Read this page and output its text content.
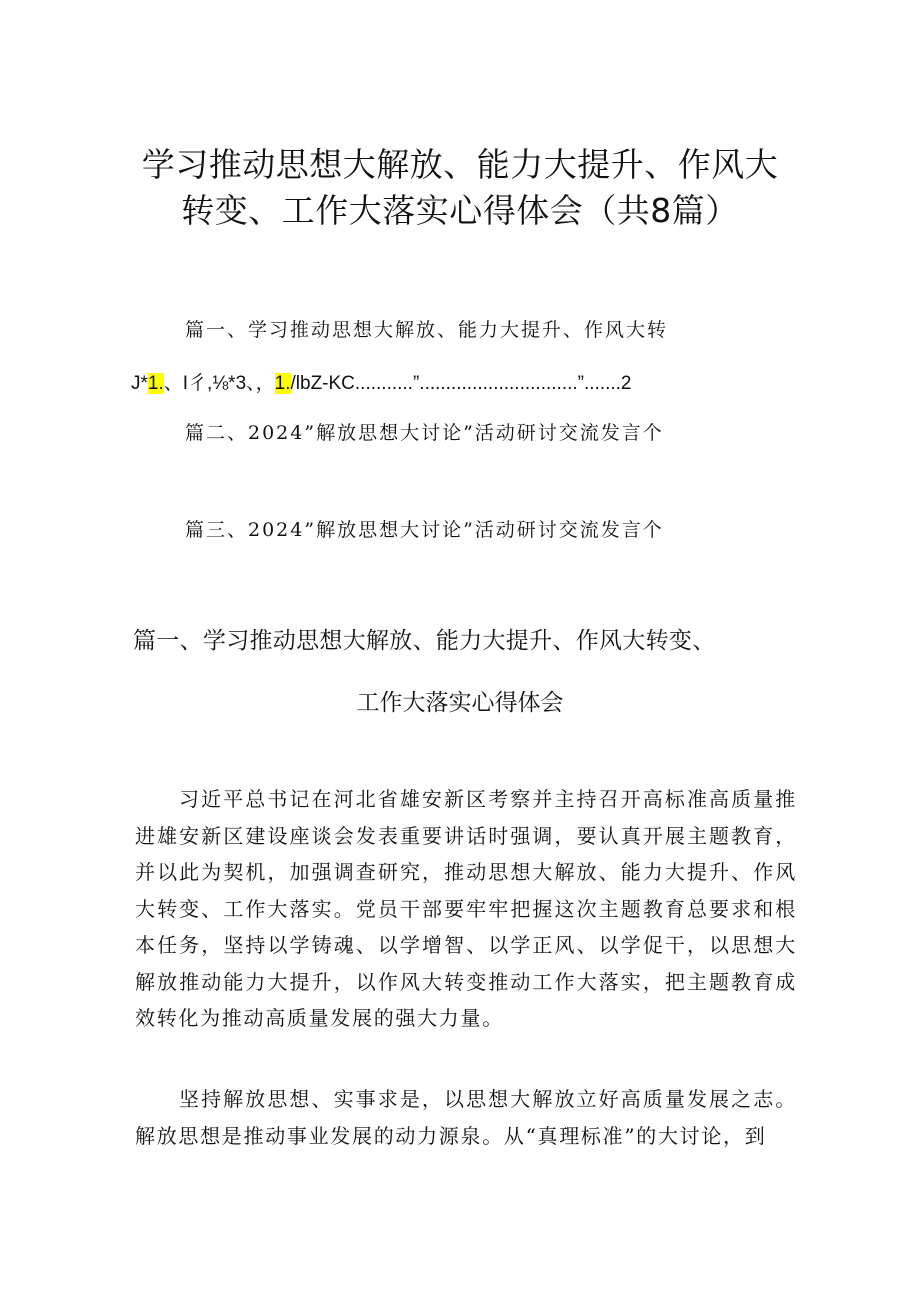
学习推动思想大解放、能力大提升、作风大
转变、工作大落实心得体会（共8篇）
篇一、学习推动思想大解放、能力大提升、作风大转
J*1.、I彳,⅛*3、，1./lbZ-KC...........”..............................”.......2
篇二、2024”解放思想大讨论”活动研讨交流发言个
篇三、2024”解放思想大讨论”活动研讨交流发言个
篇一、学习推动思想大解放、能力大提升、作风大转变、
工作大落实心得体会

习近平总书记在河北省雄安新区考察并主持召开高标准高质量推进雄安新区建设座谈会发表重要讲话时强调，要认真开展主题教育，并以此为契机，加强调查研究，推动思想大解放、能力大提升、作风大转变、工作大落实。党员干部要牢牢把握这次主题教育总要求和根本任务，坚持以学铸魂、以学增智、以学正风、以学促干，以思想大解放推动能力大提升，以作风大转变推动工作大落实，把主题教育成效转化为推动高质量发展的强大力量。

坚持解放思想、实事求是，以思想大解放立好高质量发展之志。解放思想是推动事业发展的动力源泉。从“真理标准”的大讨论，到
